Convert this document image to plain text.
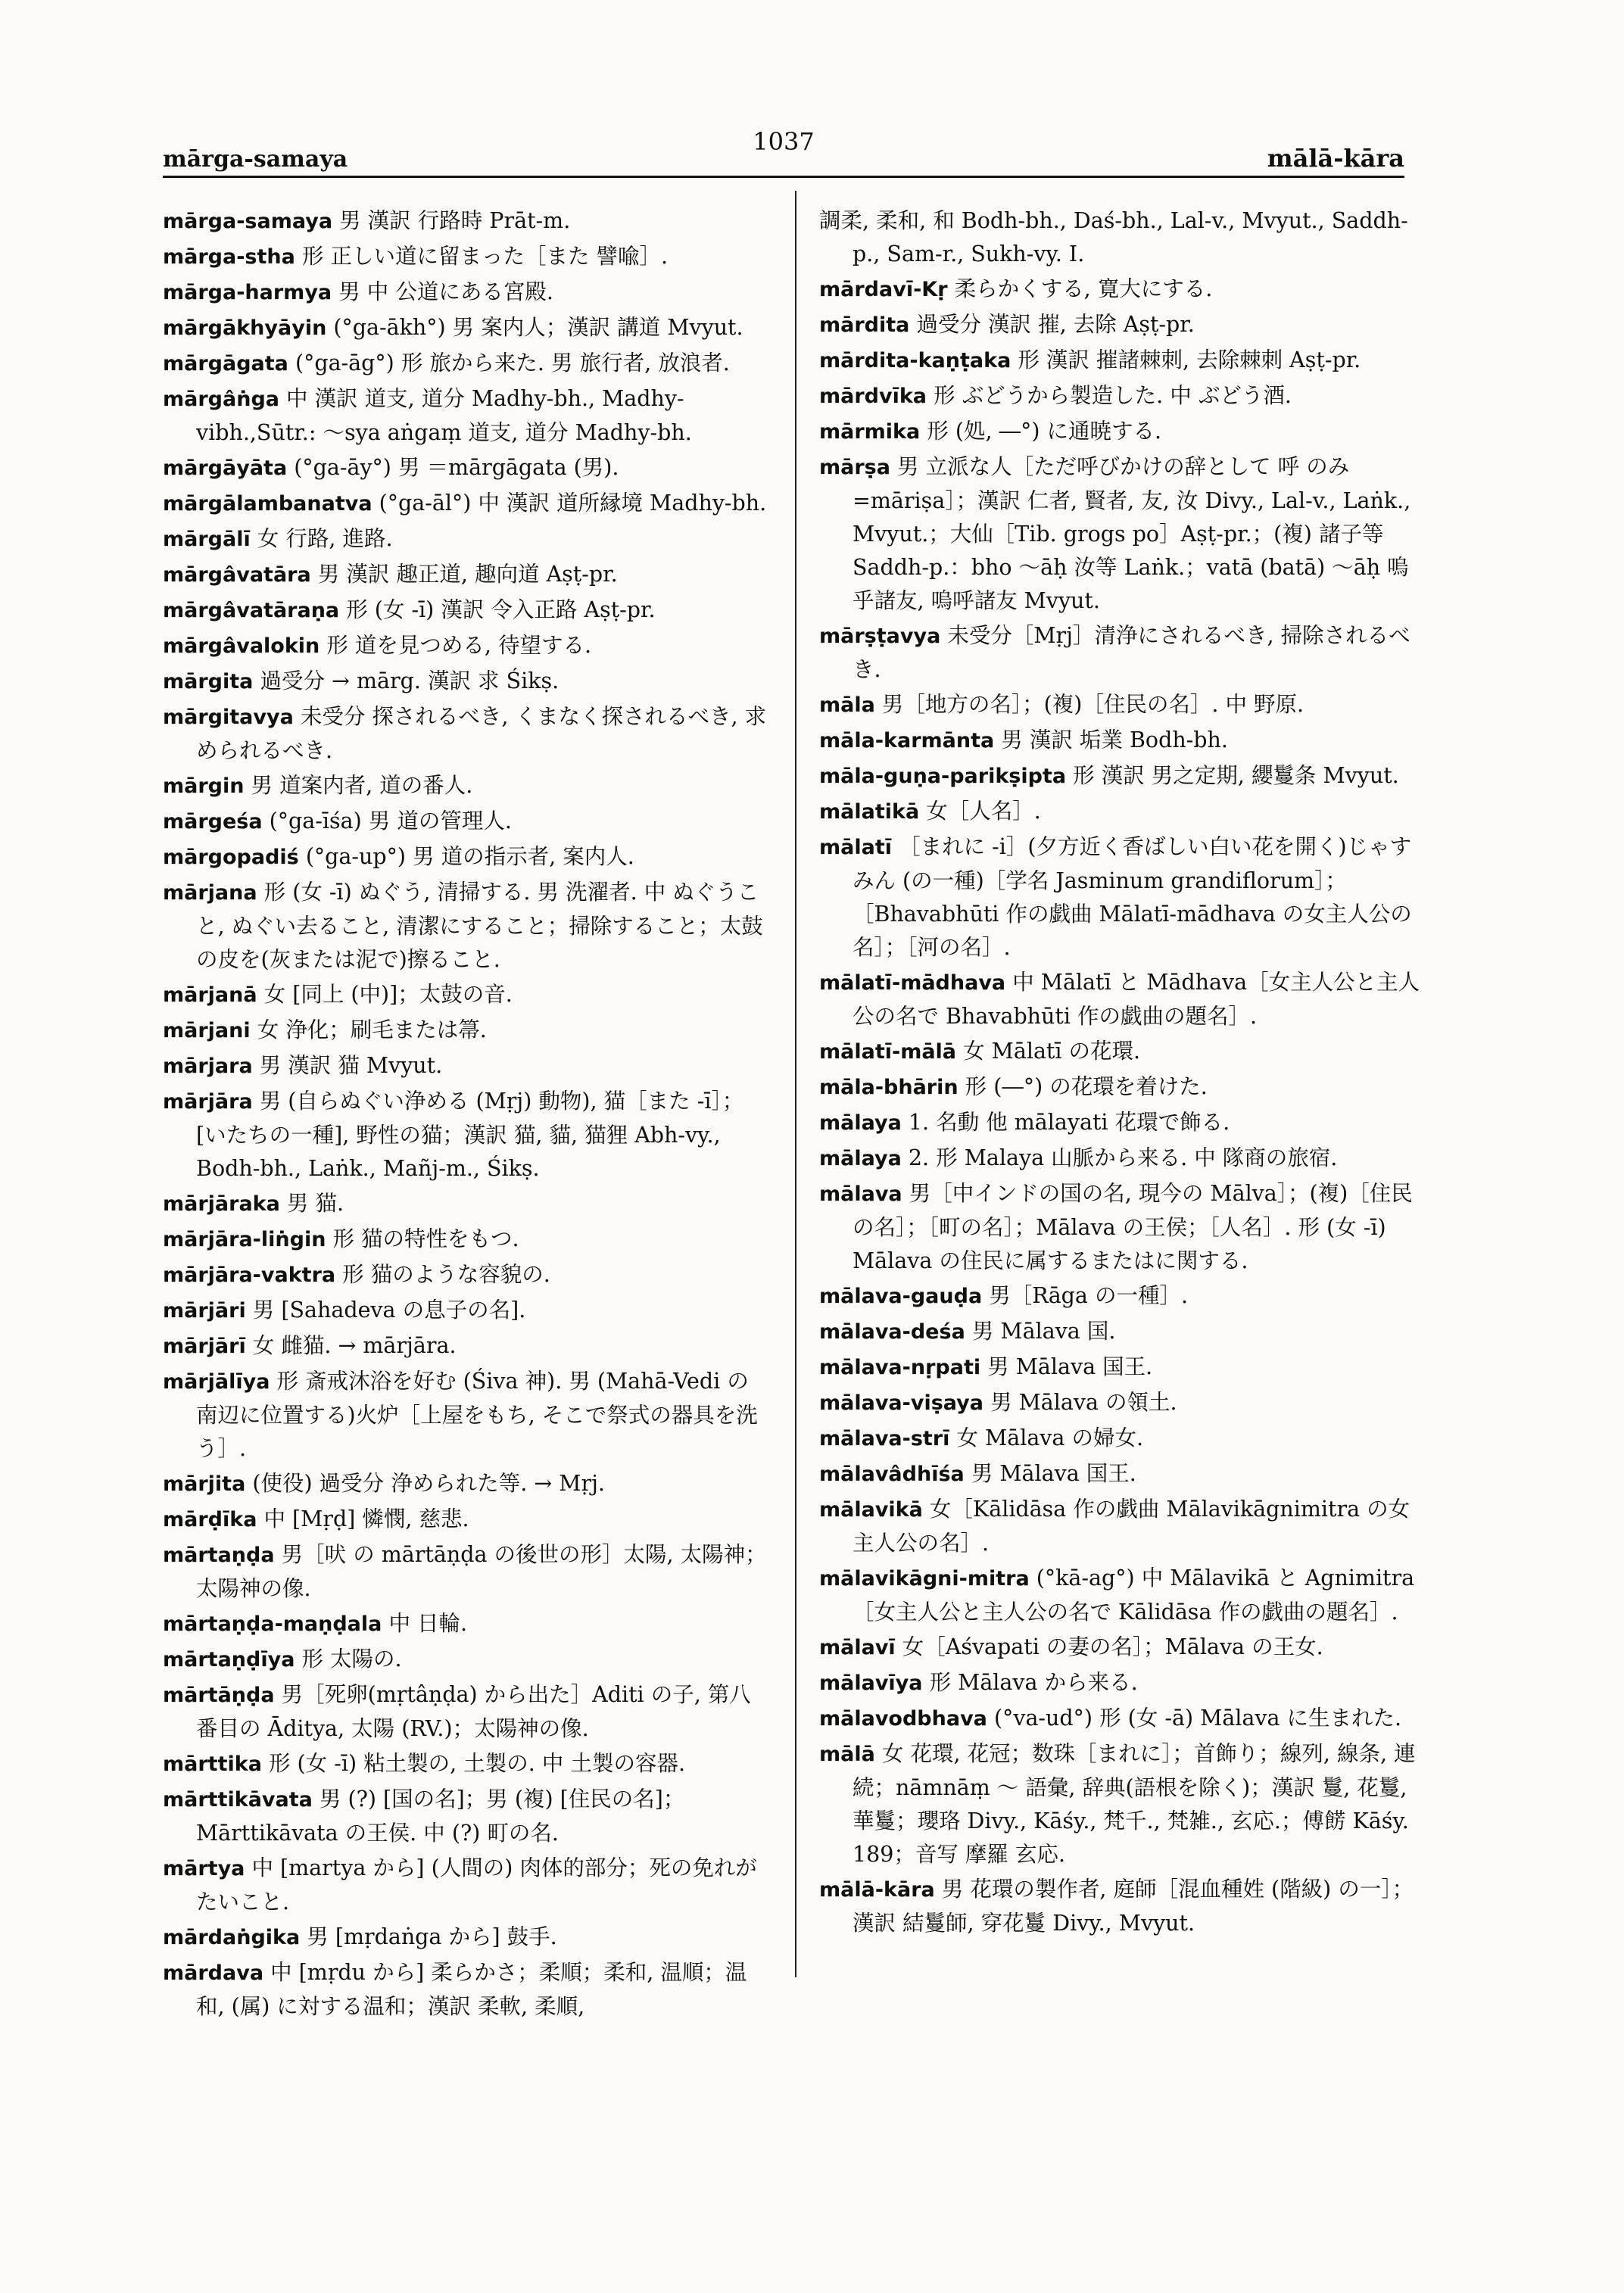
mārga-samaya
1037
mālā-kāra
mārga-samaya 男 漢訳 行路時 Prāt-m.
mārga-stha 形 正しい道に留まった［また 譬喩］.
mārga-harmya 男 中 公道にある宮殿.
mārgākhyāyin (°ga-ākh°) 男 案内人；漢訳 講道 Mvyut.
mārgāgata (°ga-āg°) 形 旅から来た. 男 旅行者, 放浪者.
mārgâṅga 中 漢訳 道支, 道分 Madhy-bh., Madhy-vibh.,Sūtr.: ～sya aṅgaṃ 道支, 道分 Madhy-bh.
mārgāyāta (°ga-āy°) 男 ＝mārgāgata (男).
mārgālambanatva (°ga-āl°) 中 漢訳 道所縁境 Madhy-bh.
mārgālī 女 行路, 進路.
mārgâvatāra 男 漢訳 趣正道, 趣向道 Aṣṭ-pr.
mārgâvatāraṇa 形 (女 -ī) 漢訳 令入正路 Aṣṭ-pr.
mārgâvalokin 形 道を見つめる, 待望する.
mārgita 過受分 → mārg. 漢訳 求 Śikṣ.
mārgitavya 未受分 探されるべき, くまなく探されるべき, 求められるべき.
mārgin 男 道案内者, 道の番人.
mārgeśa (°ga-īśa) 男 道の管理人.
mārgopadiś (°ga-up°) 男 道の指示者, 案内人.
mārjana 形 (女 -ī) ぬぐう, 清掃する. 男 洗濯者. 中 ぬぐうこと, ぬぐい去ること, 清潔にすること；掃除すること；太鼓の皮を(灰または泥で)擦ること.
mārjanā 女 [同上 (中)]；太鼓の音.
mārjani 女 浄化；刷毛または箒.
mārjara 男 漢訳 猫 Mvyut.
mārjāra 男 (自らぬぐい浄める (Mṛj) 動物), 猫［また -ī］；[いたちの一種], 野性の猫；漢訳 猫, 貓, 猫狸 Abh-vy., Bodh-bh., Laṅk., Mañj-m., Śikṣ.
mārjāraka 男 猫.
mārjāra-liṅgin 形 猫の特性をもつ.
mārjāra-vaktra 形 猫のような容貌の.
mārjāri 男 [Sahadeva の息子の名].
mārjārī 女 雌猫. → mārjāra.
mārjālīya 形 斎戒沐浴を好む (Śiva 神). 男 (Mahā-Vedi の南辺に位置する)火炉［上屋をもち, そこで祭式の器具を洗う］.
mārjita (使役) 過受分 浄められた等. → Mṛj.
mārḍīka 中 [Mṛḍ] 憐憫, 慈悲.
mārtaṇḍa 男［吠 の mārtāṇḍa の後世の形］太陽, 太陽神；太陽神の像.
mārtaṇḍa-maṇḍala 中 日輪.
mārtaṇḍīya 形 太陽の.
mārtāṇḍa 男［死卵(mṛtâṇḍa) から出た］Aditi の子, 第八番目の Āditya, 太陽 (RV.)；太陽神の像.
mārttika 形 (女 -ī) 粘土製の, 土製の. 中 土製の容器.
mārttikāvata 男 (?) [国の名]；男 (複) [住民の名]；Mārttikāvata の王侯. 中 (?) 町の名.
mārtya 中 [martya から] (人間の) 肉体的部分；死の免れがたいこと.
mārdaṅgika 男 [mṛdaṅga から] 鼓手.
mārdava 中 [mṛdu から] 柔らかさ；柔順；柔和, 温順；温和, (属) に対する温和；漢訳 柔軟, 柔順,
調柔, 柔和, 和 Bodh-bh., Daś-bh., Lal-v., Mvyut., Saddh-p., Sam-r., Sukh-vy. I.
mārdavī-Kṛ 柔らかくする, 寛大にする.
mārdita 過受分 漢訳 摧, 去除 Aṣṭ-pr.
mārdita-kaṇṭaka 形 漢訳 摧諸棘刺, 去除棘刺 Aṣṭ-pr.
mārdvīka 形 ぶどうから製造した. 中 ぶどう酒.
mārmika 形 (処, ―°) に通暁する.
mārṣa 男 立派な人［ただ呼びかけの辞として 呼 のみ =māriṣa］；漢訳 仁者, 賢者, 友, 汝 Divy., Lal-v., Laṅk., Mvyut.；大仙［Tib. grogs po］Aṣṭ-pr.；(複) 諸子等 Saddh-p.：bho ～āḥ 汝等 Laṅk.；vatā (batā) ～āḥ 嗚乎諸友, 嗚呼諸友 Mvyut.
mārṣṭavya 未受分［Mṛj］清浄にされるべき, 掃除されるべき.
māla 男［地方の名］；(複)［住民の名］. 中 野原.
māla-karmānta 男 漢訳 垢業 Bodh-bh.
māla-guṇa-parikṣipta 形 漢訳 男之定期, 纓鬘条 Mvyut.
mālatikā 女［人名］.
mālatī ［まれに -i］(夕方近く香ばしい白い花を開く)じゃすみん (の一種)［学名 Jasminum grandiflorum］；［Bhavabhūti 作の戯曲 Mālatī-mādhava の女主人公の名］；［河の名］.
mālatī-mādhava 中 Mālatī と Mādhava［女主人公と主人公の名で Bhavabhūti 作の戯曲の題名］.
mālatī-mālā 女 Mālatī の花環.
māla-bhārin 形 (―°) の花環を着けた.
mālaya 1. 名動 他 mālayati 花環で飾る.
mālaya 2. 形 Malaya 山脈から来る. 中 隊商の旅宿.
mālava 男［中インドの国の名, 現今の Mālva］；(複)［住民の名］；［町の名］；Mālava の王侯；［人名］. 形 (女 -ī) Mālava の住民に属するまたはに関する.
mālava-gauḍa 男［Rāga の一種］.
mālava-deśa 男 Mālava 国.
mālava-nṛpati 男 Mālava 国王.
mālava-viṣaya 男 Mālava の領土.
mālava-strī 女 Mālava の婦女.
mālavâdhīśa 男 Mālava 国王.
mālavikā 女［Kālidāsa 作の戯曲 Mālavikāgnimitra の女主人公の名］.
mālavikāgni-mitra (°kā-ag°) 中 Mālavikā と Agnimitra［女主人公と主人公の名で Kālidāsa 作の戯曲の題名］.
mālavī 女［Aśvapati の妻の名］；Mālava の王女.
mālavīya 形 Mālava から来る.
mālavodbhava (°va-ud°) 形 (女 -ā) Mālava に生まれた.
mālā 女 花環, 花冠；数珠［まれに］；首飾り；線列, 線条, 連続；nāmnāṃ ～ 語彙, 辞典(語根を除く)；漢訳 鬘, 花鬘, 華鬘；瓔珞 Divy., Kāśy., 梵千., 梵雑., 玄応.；傅餝 Kāśy. 189；音写 摩羅 玄応.
mālā-kāra 男 花環の製作者, 庭師［混血種姓 (階級) の一］；漢訳 結鬘師, 穿花鬘 Divy., Mvyut.
